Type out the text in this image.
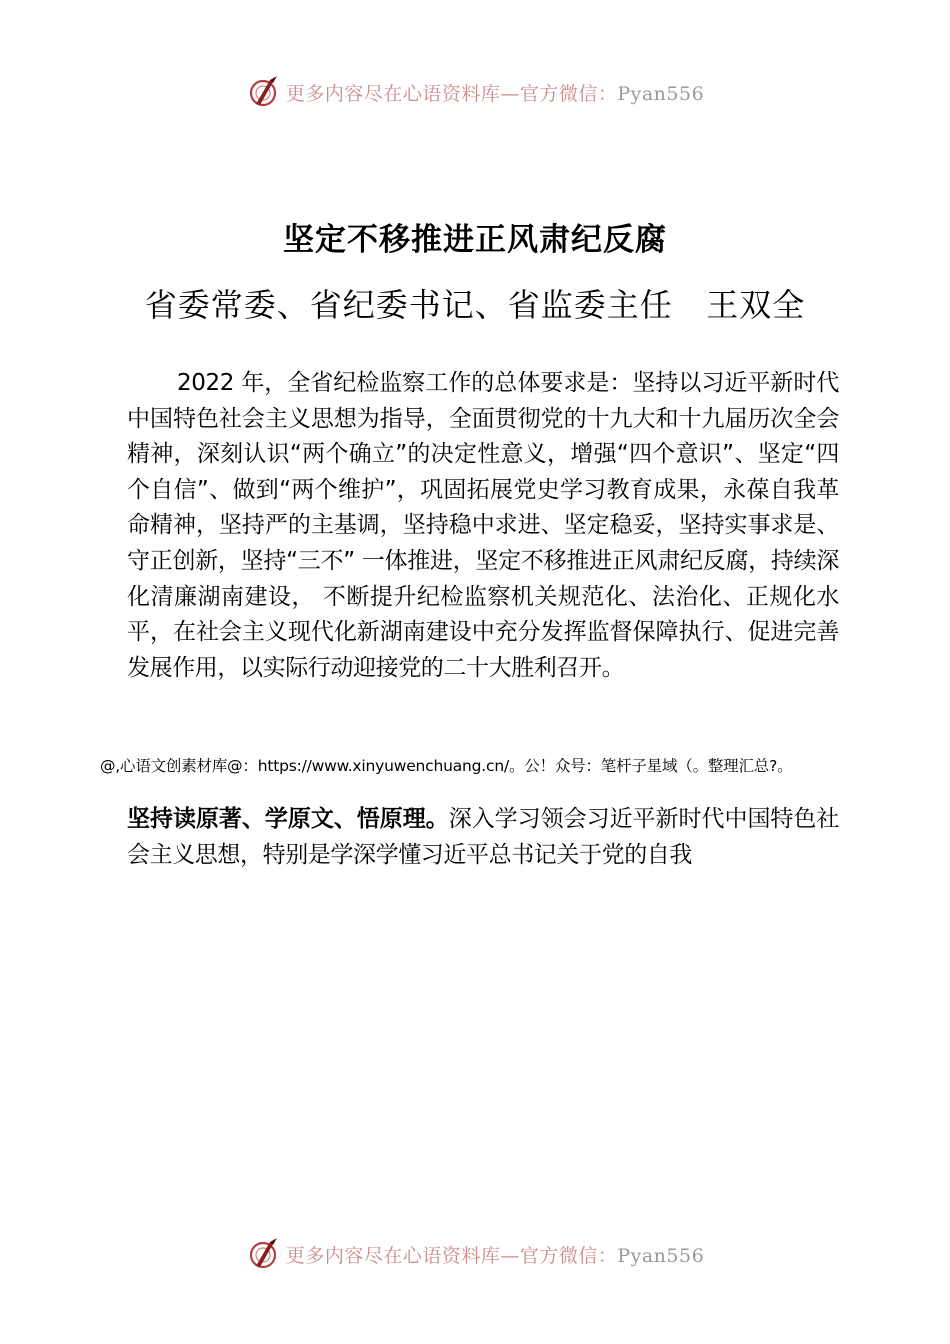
更多内容尽在心语资料库—官方微信：Pyan556
坚定不移推进正风肃纪反腐
省委常委、省纪委书记、省监委主任   王双全
2022 年，全省纪检监察工作的总体要求是：坚持以习近平新时代中国特色社会主义思想为指导，全面贯彻党的十九大和十九届历次全会精神，深刻认识“两个确立”的决定性意义，增强“四个意识”、坚定“四个自信”、做到“两个维护”，巩固拓展党史学习教育成果，永葆自我革命精神，坚持严的主基调，坚持稳中求进、坚定稳妥，坚持实事求是、守正创新，坚持“三不” 一体推进，坚定不移推进正风肃纪反腐，持续深化清廉湖南建设， 不断提升纪检监察机关规范化、法治化、正规化水平，在社会主义现代化新湖南建设中充分发挥监督保障执行、促进完善发展作用，以实际行动迎接党的二十大胜利召开。
@,心语文创素材库@：https://www.xinyuwenchuang.cn/。公！众号：笔杆子星域（。整理汇总?。
坚持读原著、学原文、悟原理。深入学习领会习近平新时代中国特色社会主义思想，特别是学深学懂习近平总书记关于党的自我
更多内容尽在心语资料库—官方微信：Pyan556
